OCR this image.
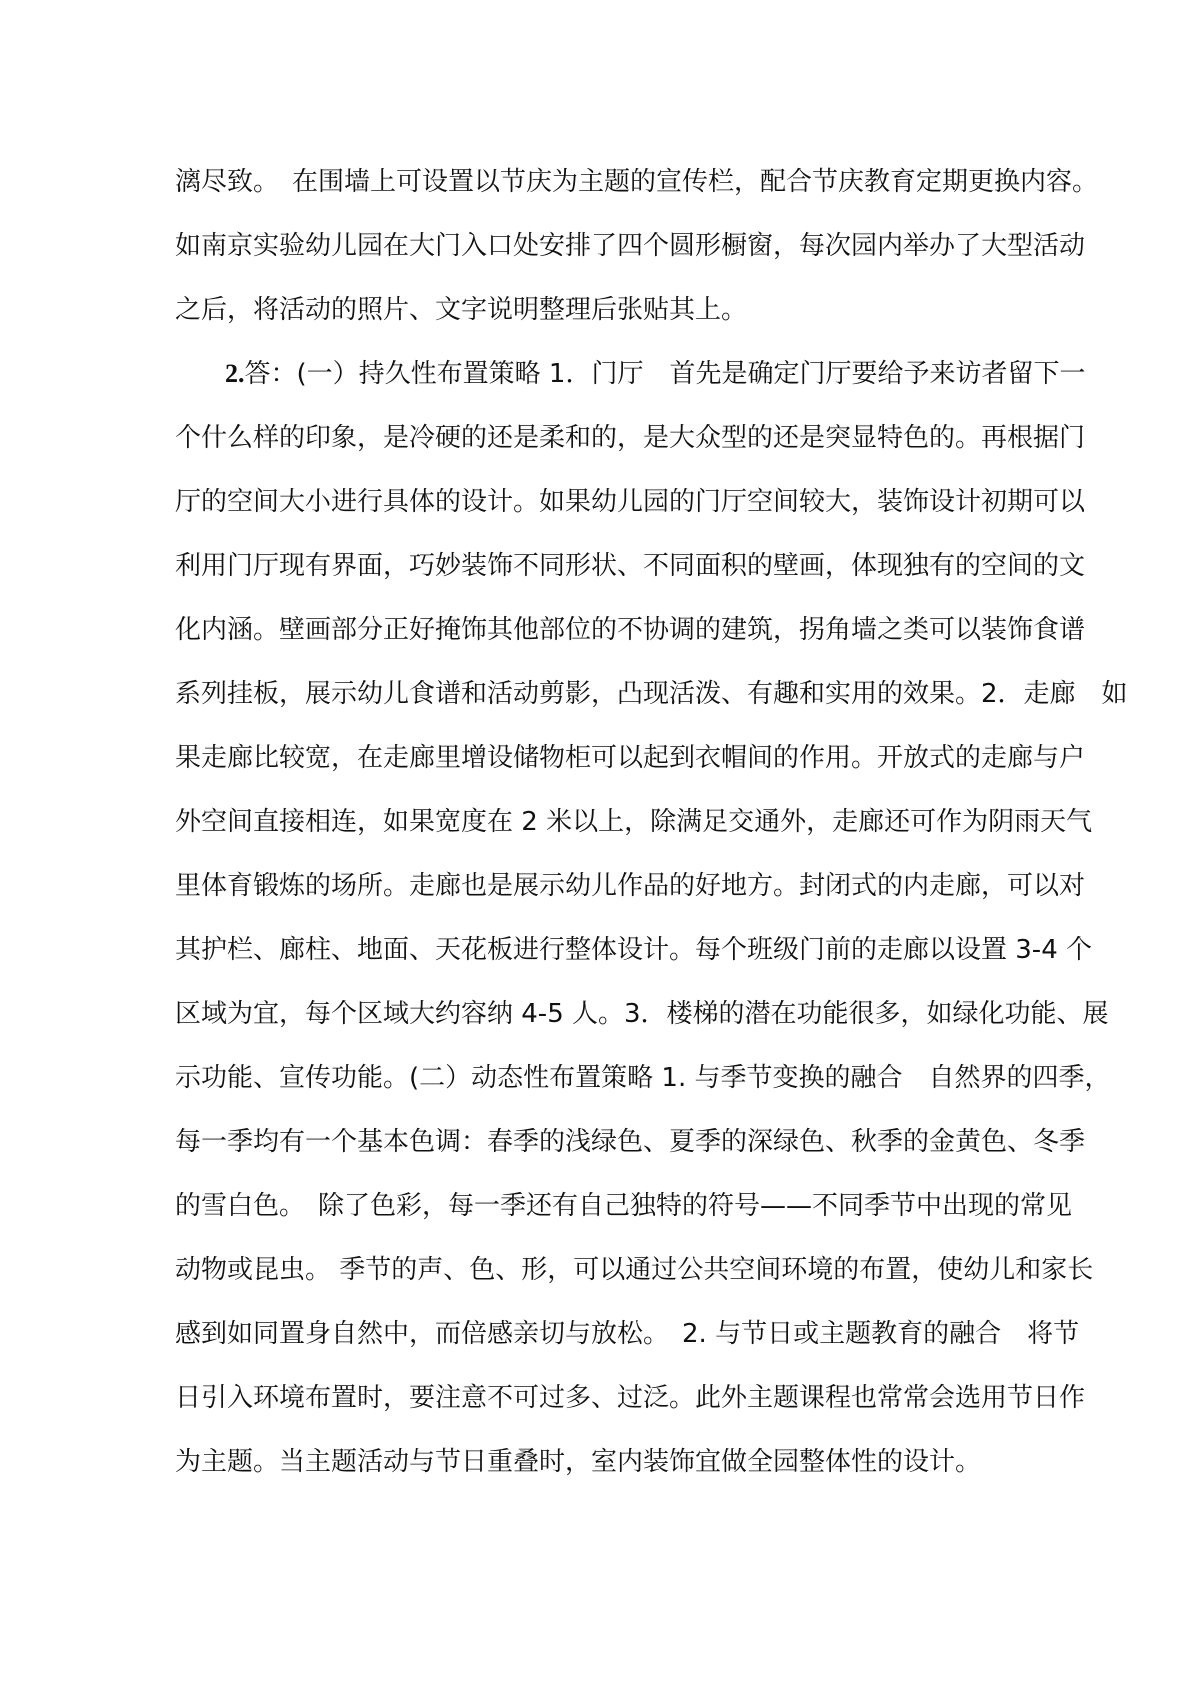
漓尽致。　在围墙上可设置以节庆为主题的宣传栏，配合节庆教育定期更换内容。
如南京实验幼儿园在大门入口处安排了四个圆形橱窗，每次园内举办了大型活动
之后，将活动的照片、文字说明整理后张贴其上。
2.答：(一）持久性布置策略 1．门厅　首先是确定门厅要给予来访者留下一
个什么样的印象，是冷硬的还是柔和的，是大众型的还是突显特色的。再根据门
厅的空间大小进行具体的设计。如果幼儿园的门厅空间较大，装饰设计初期可以
利用门厅现有界面，巧妙装饰不同形状、不同面积的壁画，体现独有的空间的文
化内涵。壁画部分正好掩饰其他部位的不协调的建筑，拐角墙之类可以装饰食谱
系列挂板，展示幼儿食谱和活动剪影，凸现活泼、有趣和实用的效果。2．走廊　如
果走廊比较宽，在走廊里增设储物柜可以起到衣帽间的作用。开放式的走廊与户
外空间直接相连，如果宽度在 2 米以上，除满足交通外，走廊还可作为阴雨天气
里体育锻炼的场所。走廊也是展示幼儿作品的好地方。封闭式的内走廊，可以对
其护栏、廊柱、地面、天花板进行整体设计。每个班级门前的走廊以设置 3-4 个
区域为宜，每个区域大约容纳 4-5 人。3．楼梯的潜在功能很多，如绿化功能、展
示功能、宣传功能。(二）动态性布置策略 1. 与季节变换的融合　自然界的四季，
每一季均有一个基本色调：春季的浅绿色、夏季的深绿色、秋季的金黄色、冬季
的雪白色。　除了色彩，每一季还有自己独特的符号——不同季节中出现的常见
动物或昆虫。 季节的声、色、形，可以通过公共空间环境的布置，使幼儿和家长
感到如同置身自然中，而倍感亲切与放松。　2. 与节日或主题教育的融合　将节
日引入环境布置时，要注意不可过多、过泛。此外主题课程也常常会选用节日作
为主题。当主题活动与节日重叠时，室内装饰宜做全园整体性的设计。
